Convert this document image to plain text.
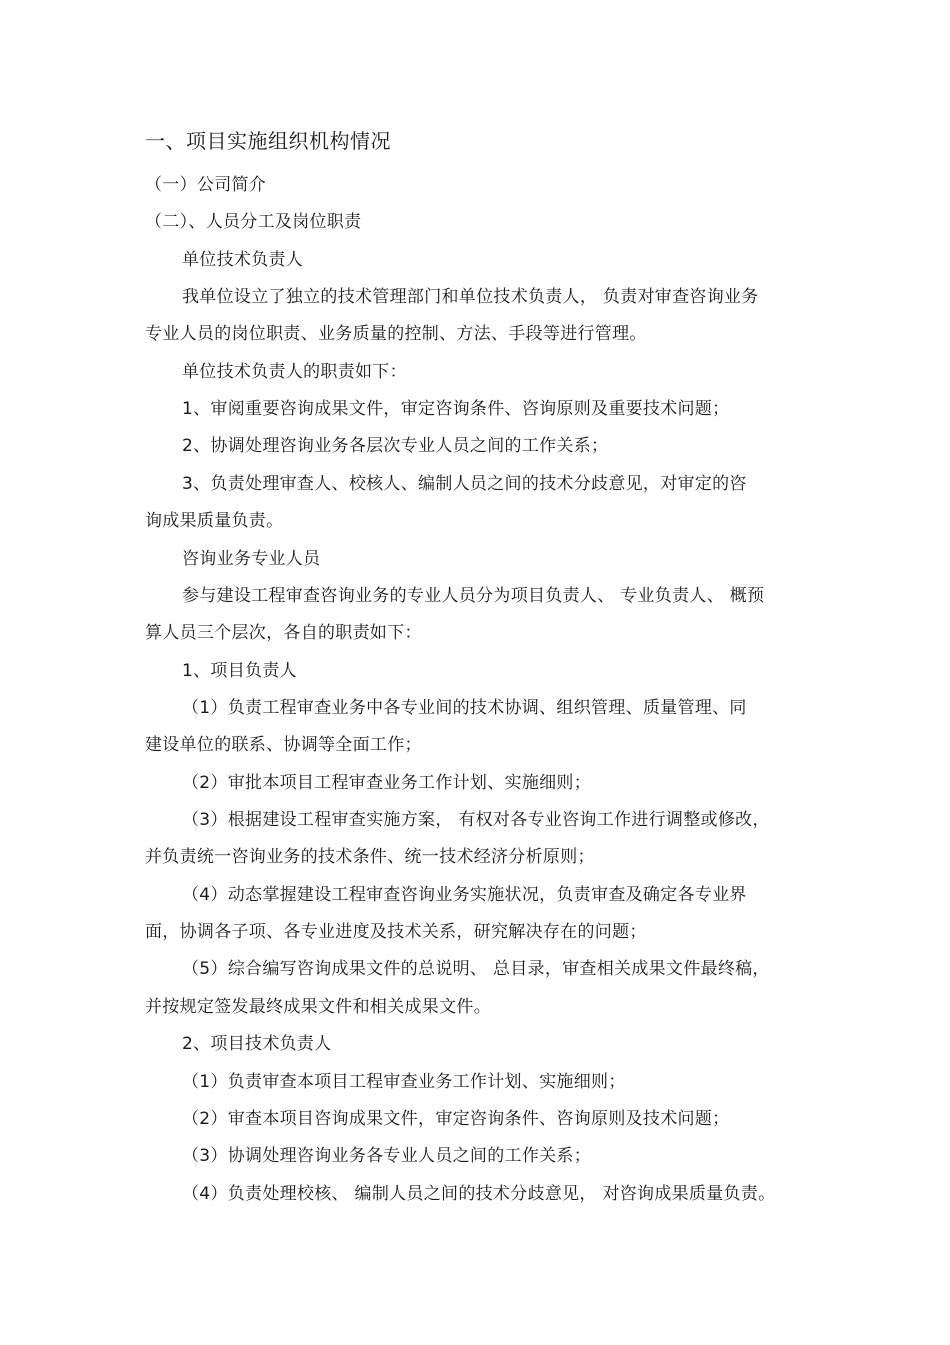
一、项目实施组织机构情况
（一）公司简介
（二）、人员分工及岗位职责
单位技术负责人
我单位设立了独立的技术管理部门和单位技术负责人， 负责对审查咨询业务
专业人员的岗位职责、业务质量的控制、方法、手段等进行管理。
单位技术负责人的职责如下：
1、审阅重要咨询成果文件，审定咨询条件、咨询原则及重要技术问题；
2、协调处理咨询业务各层次专业人员之间的工作关系；
3、负责处理审查人、校核人、编制人员之间的技术分歧意见，对审定的咨
询成果质量负责。
咨询业务专业人员
参与建设工程审查咨询业务的专业人员分为项目负责人、 专业负责人、 概预
算人员三个层次，各自的职责如下：
1、项目负责人
（1）负责工程审查业务中各专业间的技术协调、组织管理、质量管理、同
建设单位的联系、协调等全面工作；
（2）审批本项目工程审查业务工作计划、实施细则；
（3）根据建设工程审查实施方案， 有权对各专业咨询工作进行调整或修改，
并负责统一咨询业务的技术条件、统一技术经济分析原则；
（4）动态掌握建设工程审查咨询业务实施状况，负责审查及确定各专业界
面，协调各子项、各专业进度及技术关系，研究解决存在的问题；
（5）综合编写咨询成果文件的总说明、 总目录，审查相关成果文件最终稿，
并按规定签发最终成果文件和相关成果文件。
2、项目技术负责人
（1）负责审查本项目工程审查业务工作计划、实施细则；
（2）审查本项目咨询成果文件，审定咨询条件、咨询原则及技术问题；
（3）协调处理咨询业务各专业人员之间的工作关系；
（4）负责处理校核、 编制人员之间的技术分歧意见， 对咨询成果质量负责。
